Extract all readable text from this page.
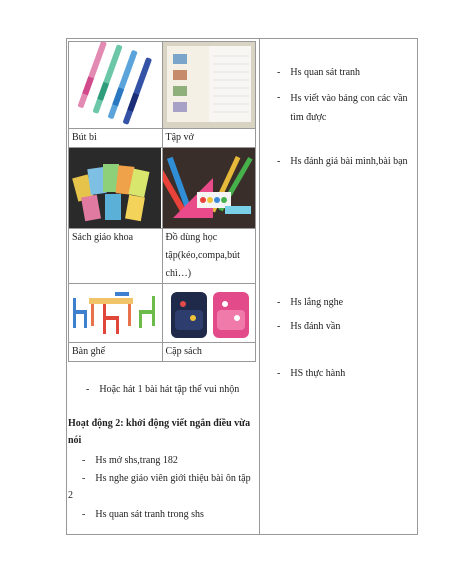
Bút bi	Tập vở

Sách giáo khoa	Đồ dùng học tập(kéo,compa,bút chì…)

Bàn ghế	Cặp sách
- Hoặc hát 1 bài hát tập thể vui nhộn
Hoạt động 2: khởi động viết ngắn điều vừa nói
- Hs mở shs,trang 182
- Hs nghe giáo viên giới thiệu bài ôn tập 2
- Hs quan sát tranh trong shs
- Hs quan sát tranh
- Hs viết vào bảng con các vần tìm được
- Hs đánh giá bài mình,bài bạn
- Hs lắng nghe
- Hs đánh vần
- HS thực hành
